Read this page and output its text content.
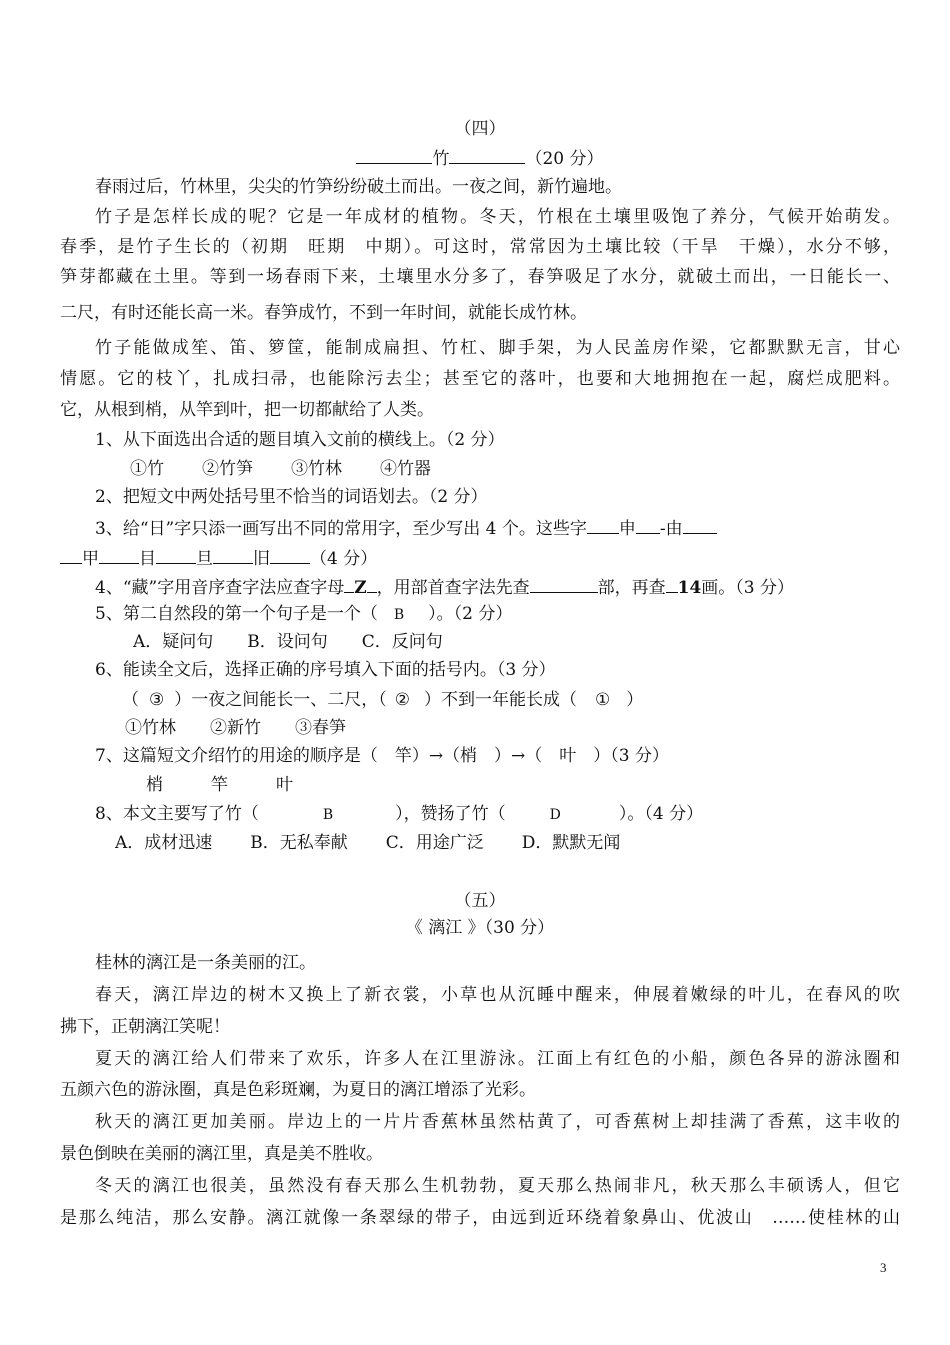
（四）
竹	（20 分）
春雨过后，竹林里，尖尖的竹笋纷纷破土而出。一夜之间，新竹遍地。
竹子是怎样长成的呢？它是一年成材的植物。冬天，竹根在土壤里吸饱了养分，气候开始萌发。
春季，是竹子生长的（初期　旺期　中期）。可这时，常常因为土壤比较（干旱　干燥），水分不够，
笋芽都藏在土里。等到一场春雨下来，土壤里水分多了，春笋吸足了水分，就破土而出，一日能长一、
二尺，有时还能长高一米。春笋成竹，不到一年时间，就能长成竹林。
竹子能做成笙、笛、箩筐，能制成扁担、竹杠、脚手架，为人民盖房作梁，它都默默无言，甘心
情愿。它的枝丫，扎成扫帚，也能除污去尘；甚至它的落叶，也要和大地拥抱在一起，腐烂成肥料。
它，从根到梢，从竿到叶，把一切都献给了人类。
1、从下面选出合适的题目填入文前的横线上。（2 分）
①竹 ②竹笋 ③竹林 ④竹器
2、把短文中两处括号里不恰当的词语划去。（2 分）
3、给“日”字只添一画写出不同的常用字，至少写出 4 个。这些字 申 -由
甲 目 旦 旧 （4 分）
4、“藏”字用音序查字法应查字母 Z ，用部首查字法先查	部，再查 14画。（3 分）
5、第二自然段的第一个句子是一个（ B ）。（2 分）
A．疑问句 B．设问句 C．反问句
6、能读全文后，选择正确的序号填入下面的括号内。（3 分）
（ ③ ）一夜之间能长一、二尺，（ ② ）不到一年能长成（ ① ）
①竹林 ②新竹 ③春笋
7、这篇短文介绍竹的用途的顺序是（　竿）→（梢　）→（　叶　）（3 分）
梢	竿	叶
8、本文主要写了竹（	B	），赞扬了竹（	D	）。（4 分）
A．成材迅速 B．无私奉献 C．用途广泛 D．默默无闻
（五）
《 漓江 》（30 分）
桂林的漓江是一条美丽的江。
春天，漓江岸边的树木又换上了新衣裳，小草也从沉睡中醒来，伸展着嫩绿的叶儿，在春风的吹
拂下，正朝漓江笑呢！
夏天的漓江给人们带来了欢乐，许多人在江里游泳。江面上有红色的小船，颜色各异的游泳圈和
五颜六色的游泳圈，真是色彩斑斓，为夏日的漓江增添了光彩。
秋天的漓江更加美丽。岸边上的一片片香蕉林虽然枯黄了，可香蕉树上却挂满了香蕉，这丰收的
景色倒映在美丽的漓江里，真是美不胜收。
冬天的漓江也很美，虽然没有春天那么生机勃勃，夏天那么热闹非凡，秋天那么丰硕诱人，但它
是那么纯洁，那么安静。漓江就像一条翠绿的带子，由远到近环绕着象鼻山、优波山　……使桂林的山
3
